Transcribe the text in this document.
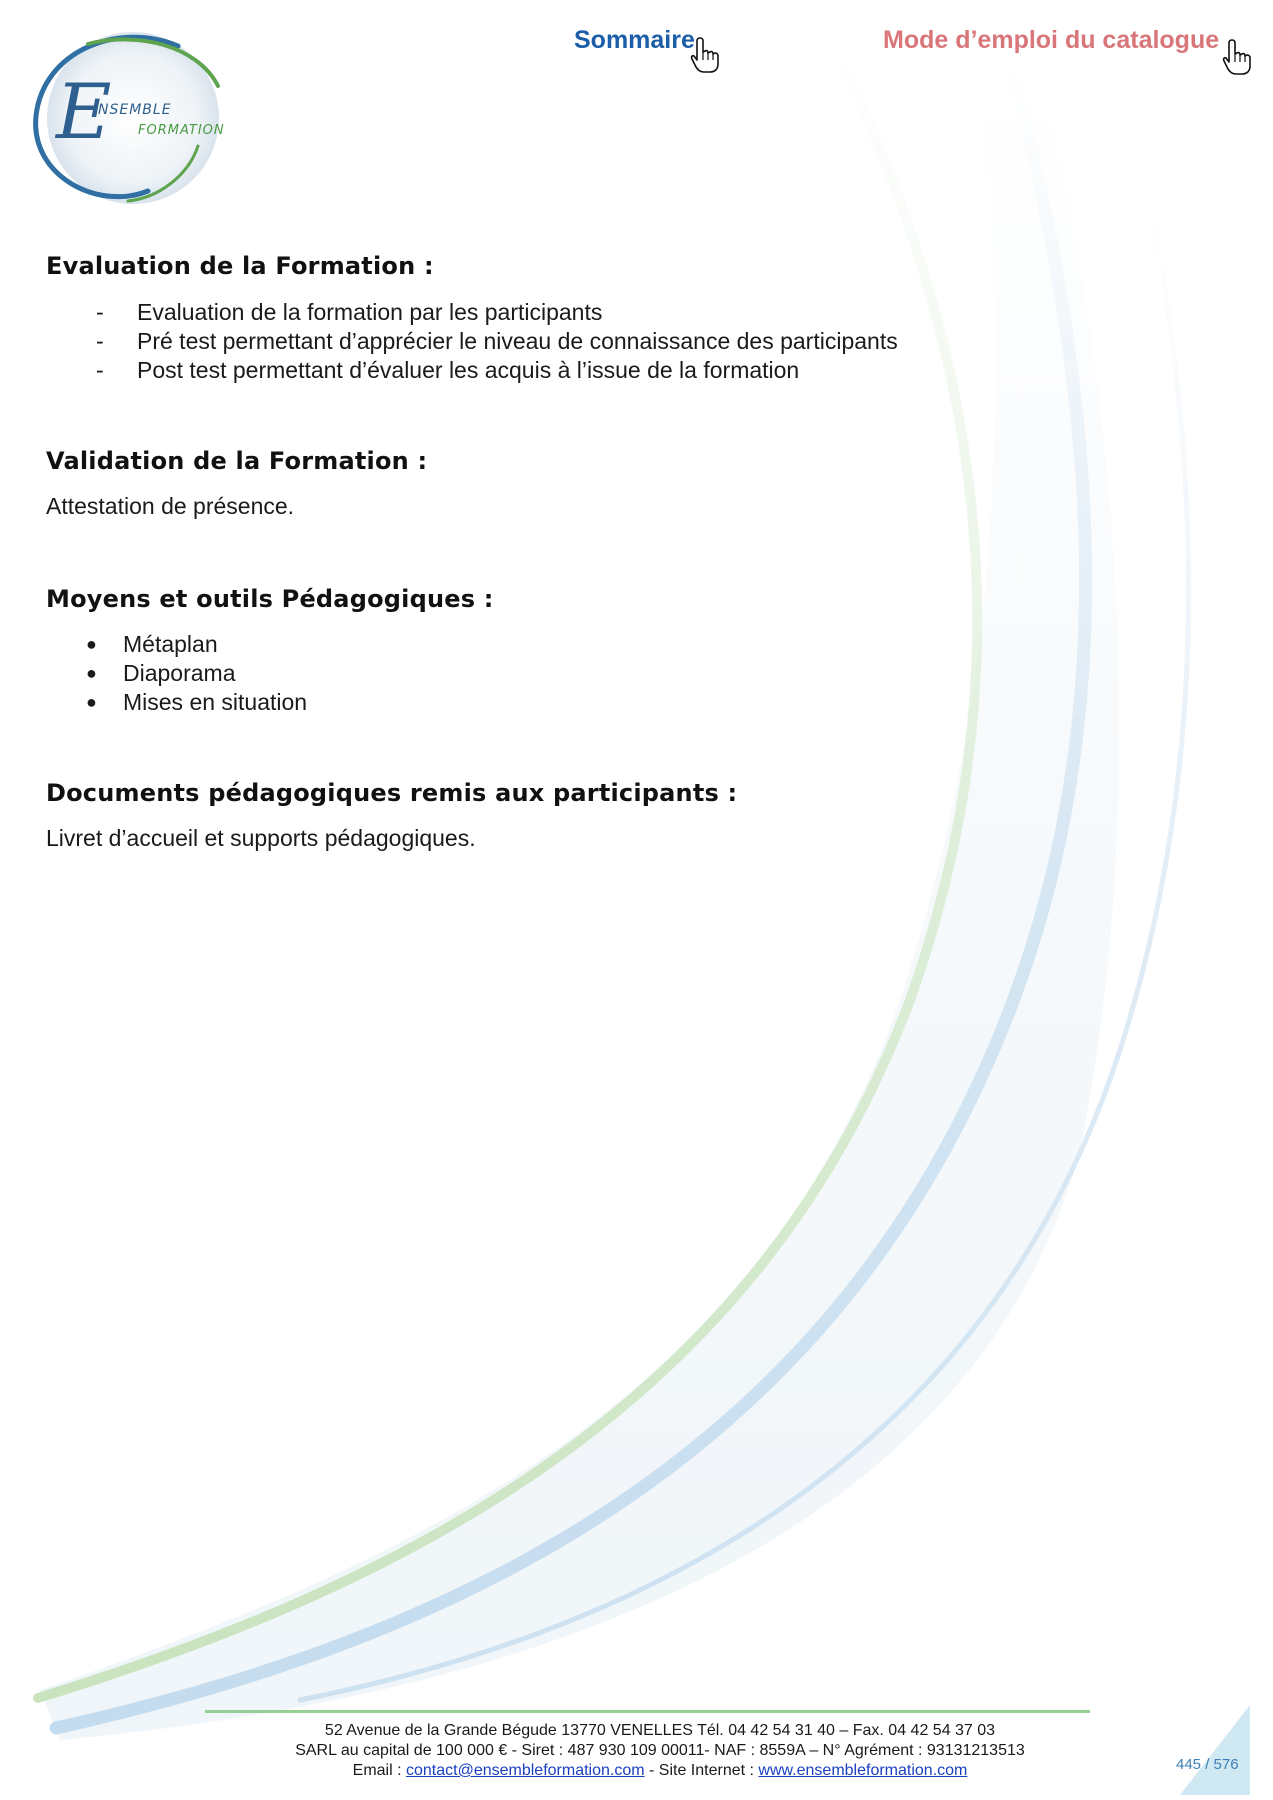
E
NSEMBLE
FORMATION
Sommaire	Mode d’emploi du catalogue
Evaluation de la Formation :
- Evaluation de la formation par les participants
- Pré test permettant d’apprécier le niveau de connaissance des participants
- Post test permettant d’évaluer les acquis à l’issue de la formation
Validation de la Formation :
Attestation de présence.
Moyens et outils Pédagogiques :
● Métaplan
● Diaporama
● Mises en situation
Documents pédagogiques remis aux participants :
Livret d’accueil et supports pédagogiques.
52 Avenue de la Grande Bégude 13770 VENELLES Tél. 04 42 54 31 40 – Fax. 04 42 54 37 03
SARL au capital de 100 000 € - Siret : 487 930 109 00011- NAF : 8559A – N° Agrément : 93131213513
Email : contact@ensembleformation.com - Site Internet : www.ensembleformation.com	445 / 576
